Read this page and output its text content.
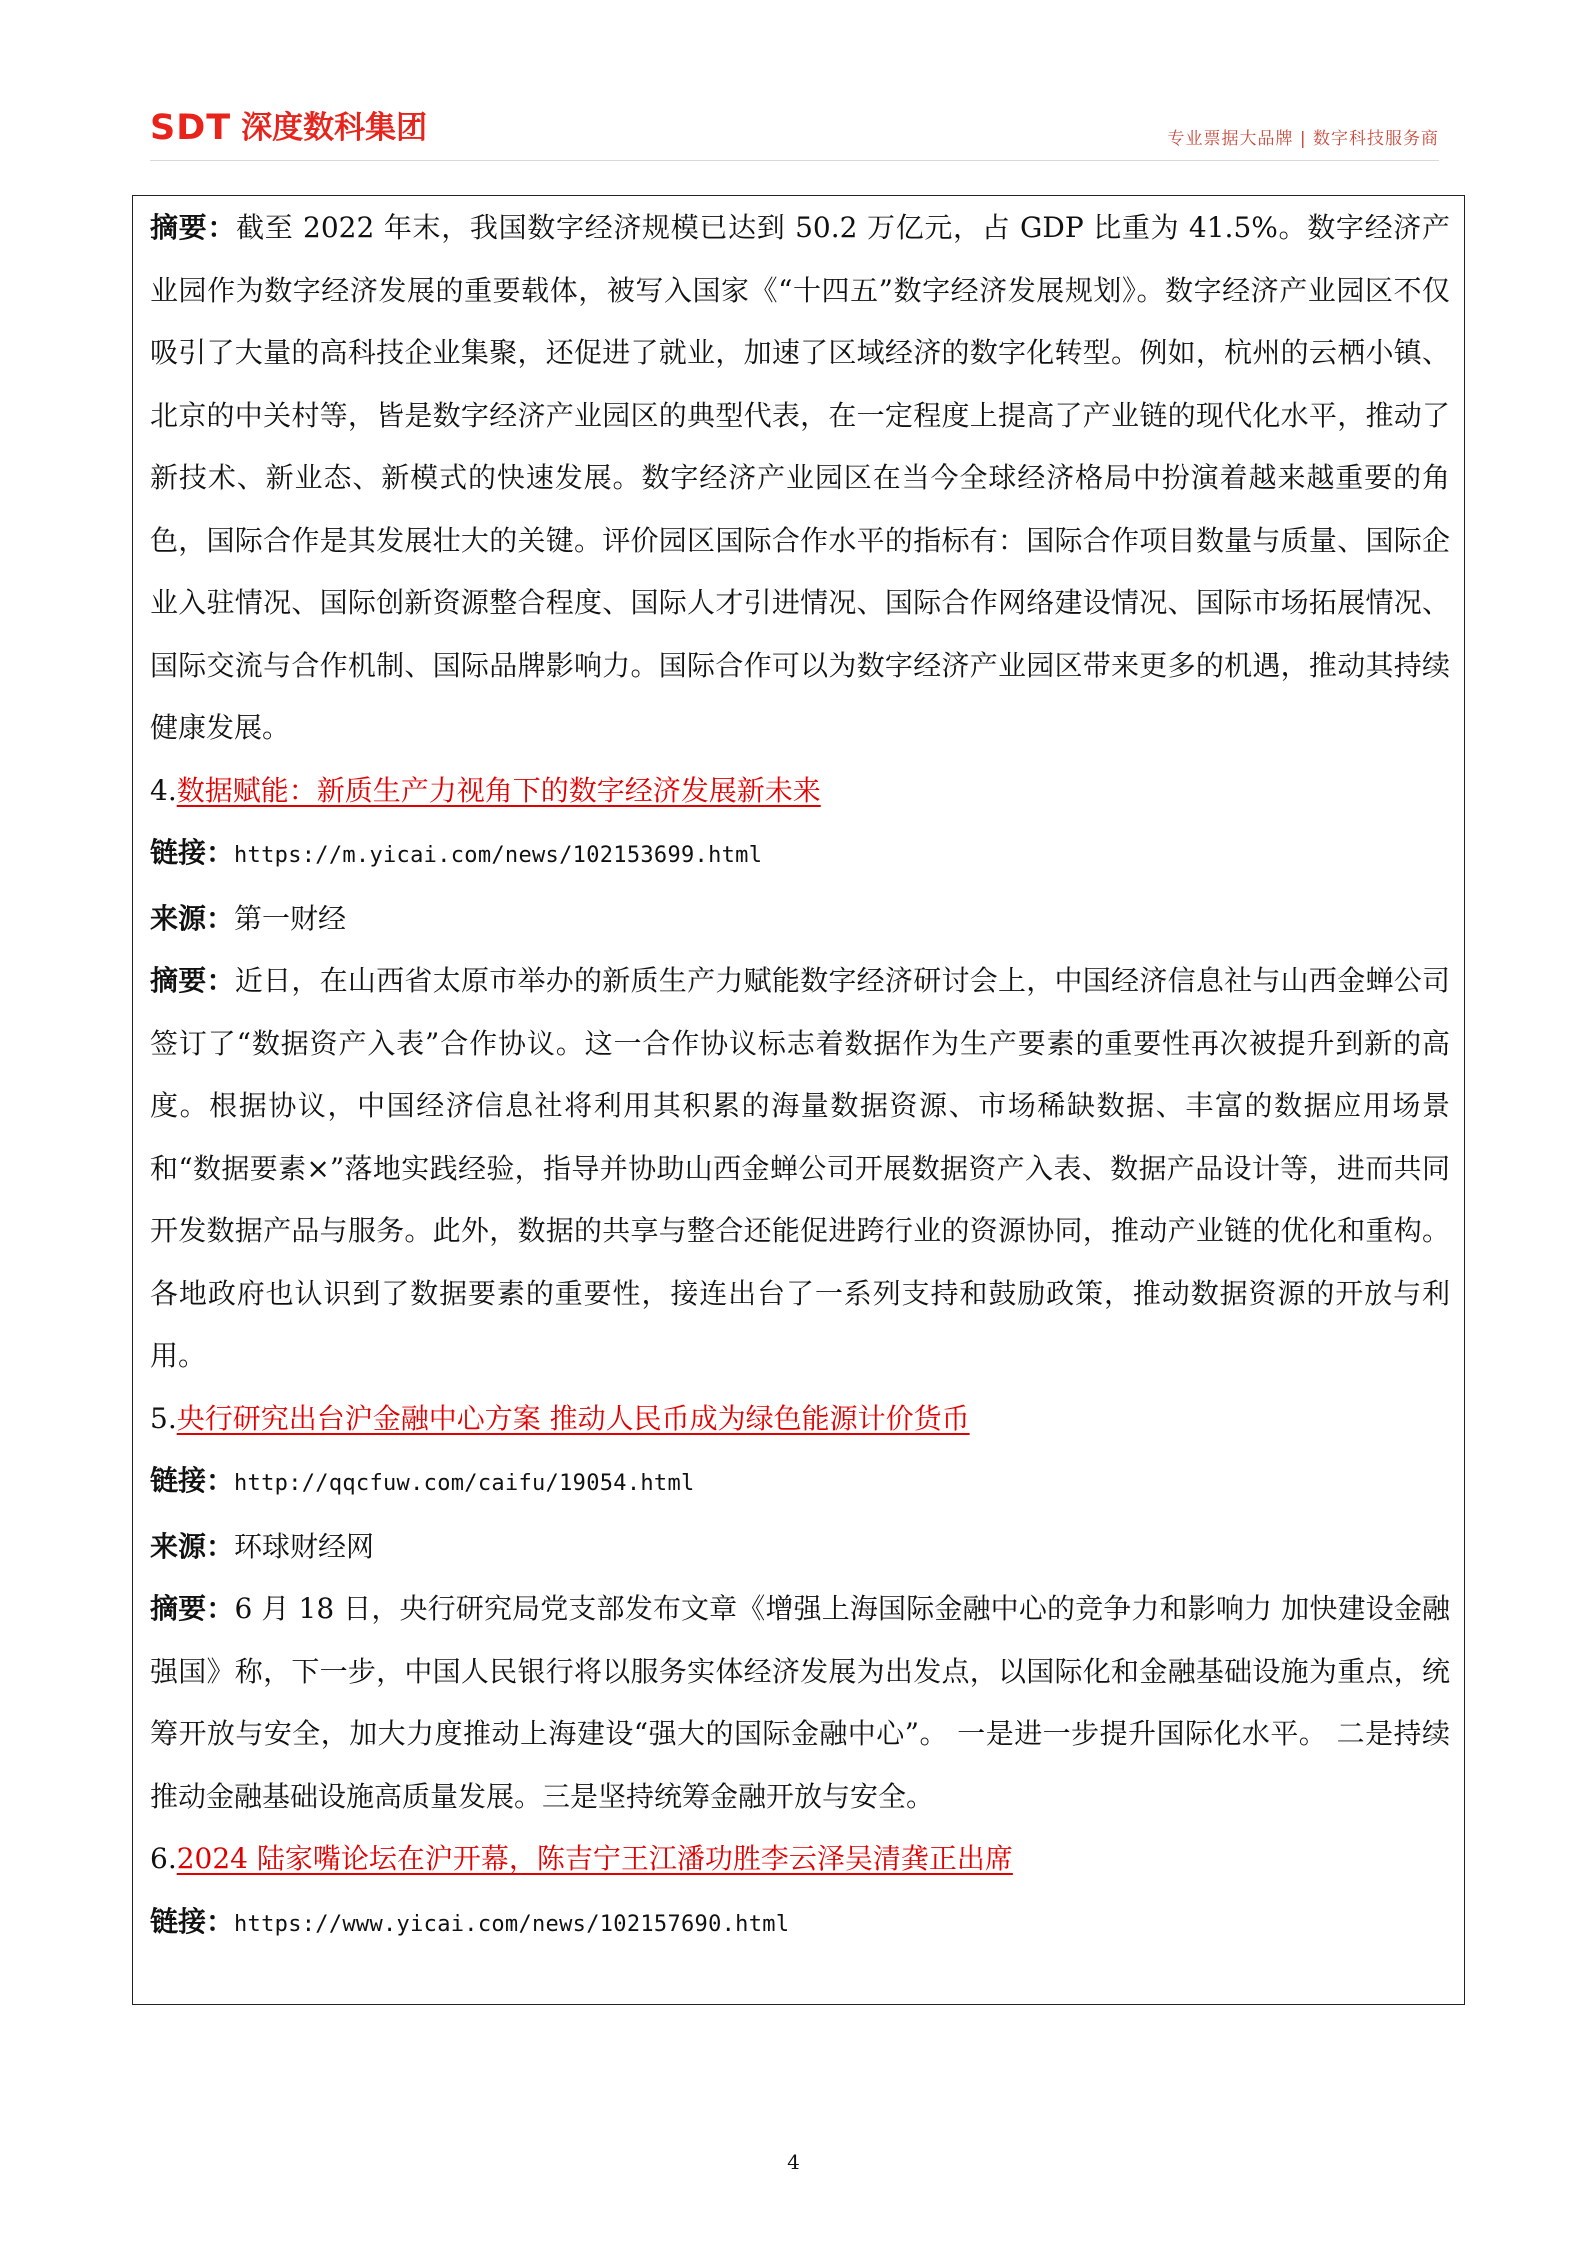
SDT 深度数科集团	专业票据大品牌 | 数字科技服务商

摘要：截至 2022 年末，我国数字经济规模已达到 50.2 万亿元，占 GDP 比重为 41.5%。数字经济产业园作为数字经济发展的重要载体，被写入国家《“十四五”数字经济发展规划》。数字经济产业园区不仅吸引了大量的高科技企业集聚，还促进了就业，加速了区域经济的数字化转型。例如，杭州的云栖小镇、北京的中关村等，皆是数字经济产业园区的典型代表，在一定程度上提高了产业链的现代化水平，推动了新技术、新业态、新模式的快速发展。数字经济产业园区在当今全球经济格局中扮演着越来越重要的角色，国际合作是其发展壮大的关键。评价园区国际合作水平的指标有：国际合作项目数量与质量、国际企业入驻情况、国际创新资源整合程度、国际人才引进情况、国际合作网络建设情况、国际市场拓展情况、国际交流与合作机制、国际品牌影响力。国际合作可以为数字经济产业园区带来更多的机遇，推动其持续健康发展。

4.数据赋能：新质生产力视角下的数字经济发展新未来

链接：https://m.yicai.com/news/102153699.html

来源：第一财经

摘要：近日，在山西省太原市举办的新质生产力赋能数字经济研讨会上，中国经济信息社与山西金蝉公司签订了“数据资产入表”合作协议。这一合作协议标志着数据作为生产要素的重要性再次被提升到新的高度。根据协议，中国经济信息社将利用其积累的海量数据资源、市场稀缺数据、丰富的数据应用场景和“数据要素×”落地实践经验，指导并协助山西金蝉公司开展数据资产入表、数据产品设计等，进而共同开发数据产品与服务。此外，数据的共享与整合还能促进跨行业的资源协同，推动产业链的优化和重构。各地政府也认识到了数据要素的重要性，接连出台了一系列支持和鼓励政策，推动数据资源的开放与利用。

5.央行研究出台沪金融中心方案 推动人民币成为绿色能源计价货币

链接：http://qqcfuw.com/caifu/19054.html

来源：环球财经网

摘要：6 月 18 日，央行研究局党支部发布文章《增强上海国际金融中心的竞争力和影响力 加快建设金融强国》称，下一步，中国人民银行将以服务实体经济发展为出发点，以国际化和金融基础设施为重点，统筹开放与安全，加大力度推动上海建设“强大的国际金融中心”。 一是进一步提升国际化水平。 二是持续推动金融基础设施高质量发展。三是坚持统筹金融开放与安全。

6.2024 陆家嘴论坛在沪开幕，陈吉宁王江潘功胜李云泽吴清龚正出席

链接：https://www.yicai.com/news/102157690.html

4
